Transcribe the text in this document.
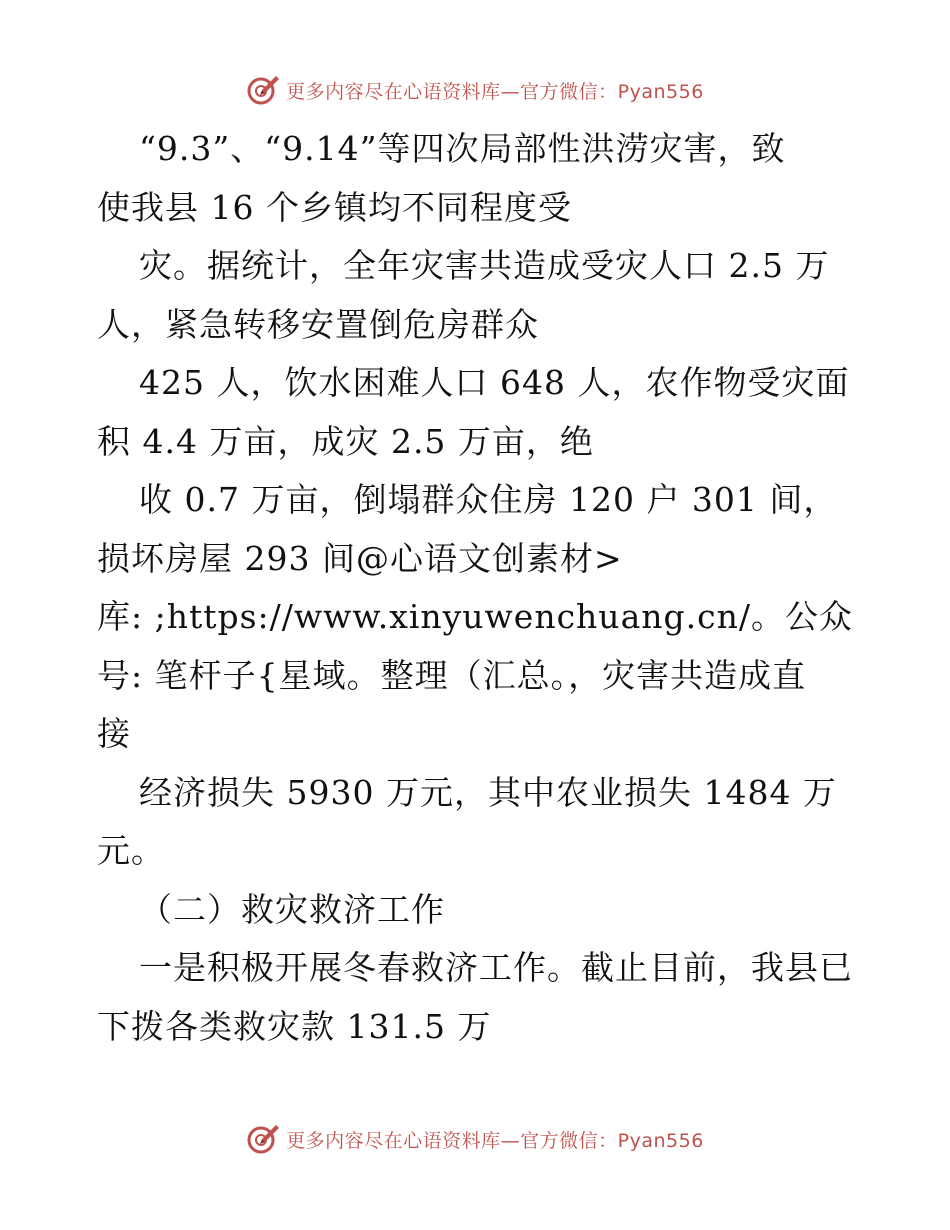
更多内容尽在心语资料库—官方微信：Pyan556
“9.3”、“9.14”等四次局部性洪涝灾害，致
使我县 16 个乡镇均不同程度受
灾。据统计，全年灾害共造成受灾人口 2.5 万
人，紧急转移安置倒危房群众
425 人，饮水困难人口 648 人，农作物受灾面
积 4.4 万亩，成灾 2.5 万亩，绝
收 0.7 万亩，倒塌群众住房 120 户 301 间，
损坏房屋 293 间@心语文创素材>
库: ;https://www.xinyuwenchuang.cn/。公众
号: 笔杆子{星域。整理（汇总。，灾害共造成直
接
经济损失 5930 万元，其中农业损失 1484 万
元。
（二）救灾救济工作
一是积极开展冬春救济工作。截止目前，我县已
下拨各类救灾款 131.5 万
更多内容尽在心语资料库—官方微信：Pyan556
